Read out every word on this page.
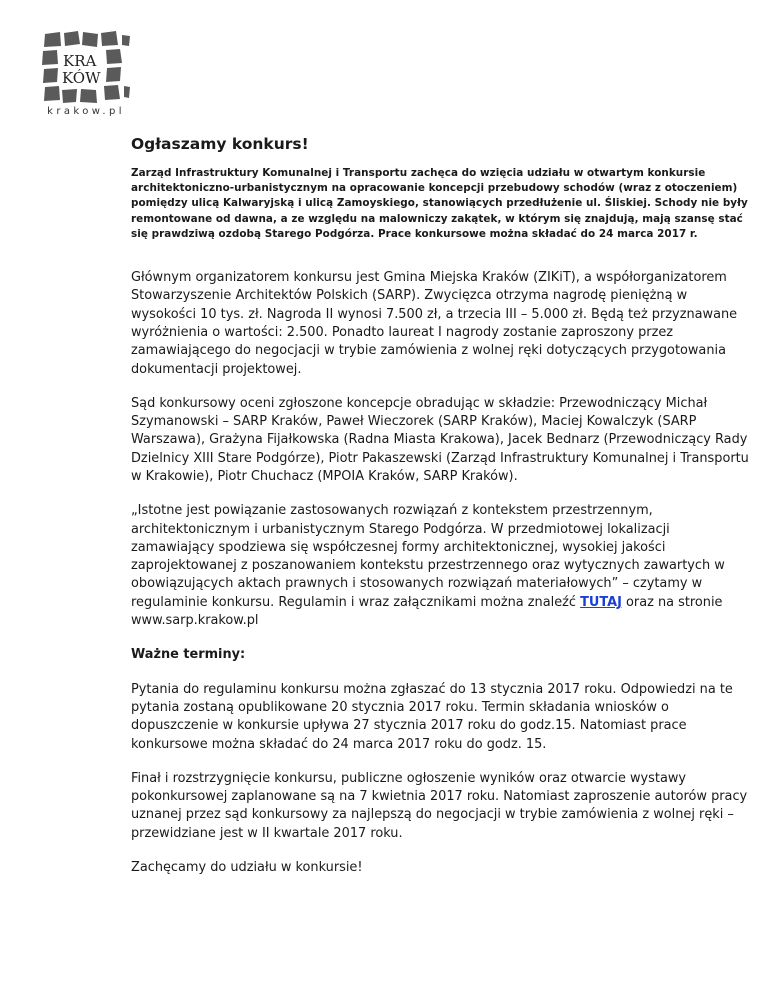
KRA
KÓW
krakow.pl
Ogłaszamy konkurs!
Zarząd Infrastruktury Komunalnej i Transportu zachęca do wzięcia udziału w otwartym konkursie architektoniczno-urbanistycznym na opracowanie koncepcji przebudowy schodów (wraz z otoczeniem) pomiędzy ulicą Kalwaryjską i ulicą Zamoyskiego, stanowiących przedłużenie ul. Śliskiej. Schody nie były remontowane od dawna, a ze względu na malowniczy zakątek, w którym się znajdują, mają szansę stać się prawdziwą ozdobą Starego Podgórza. Prace konkursowe można składać do 24 marca 2017 r.
Głównym organizatorem konkursu jest Gmina Miejska Kraków (ZIKiT), a współorganizatorem Stowarzyszenie Architektów Polskich (SARP). Zwycięzca otrzyma nagrodę pieniężną w wysokości 10 tys. zł. Nagroda II wynosi 7.500 zł, a trzecia III – 5.000 zł. Będą też przyznawane wyróżnienia o wartości: 2.500. Ponadto laureat I nagrody zostanie zaproszony przez zamawiającego do negocjacji w trybie zamówienia z wolnej ręki dotyczących przygotowania dokumentacji projektowej.
Sąd konkursowy oceni zgłoszone koncepcje obradując w składzie: Przewodniczący Michał Szymanowski – SARP Kraków, Paweł Wieczorek (SARP Kraków), Maciej Kowalczyk (SARP Warszawa), Grażyna Fijałkowska (Radna Miasta Krakowa), Jacek Bednarz (Przewodniczący Rady Dzielnicy XIII Stare Podgórze), Piotr Pakaszewski (Zarząd Infrastruktury Komunalnej i Transportu w Krakowie), Piotr Chuchacz (MPOIA Kraków, SARP Kraków).
„Istotne jest powiązanie zastosowanych rozwiązań z kontekstem przestrzennym, architektonicznym i urbanistycznym Starego Podgórza. W przedmiotowej lokalizacji zamawiający spodziewa się współczesnej formy architektonicznej, wysokiej jakości zaprojektowanej z poszanowaniem kontekstu przestrzennego oraz wytycznych zawartych w obowiązujących aktach prawnych i stosowanych rozwiązań materiałowych” – czytamy w regulaminie konkursu. Regulamin i wraz załącznikami można znaleźć TUTAJ oraz na stronie www.sarp.krakow.pl
Ważne terminy:
Pytania do regulaminu konkursu można zgłaszać do 13 stycznia 2017 roku. Odpowiedzi na te pytania zostaną opublikowane 20 stycznia 2017 roku. Termin składania wniosków o dopuszczenie w konkursie upływa 27 stycznia 2017 roku do godz.15. Natomiast prace konkursowe można składać do 24 marca 2017 roku do godz. 15.
Finał i rozstrzygnięcie konkursu, publiczne ogłoszenie wyników oraz otwarcie wystawy pokonkursowej zaplanowane są na 7 kwietnia 2017 roku. Natomiast zaproszenie autorów pracy uznanej przez sąd konkursowy za najlepszą do negocjacji w trybie zamówienia z wolnej ręki – przewidziane jest w II kwartale 2017 roku.
Zachęcamy do udziału w konkursie!
